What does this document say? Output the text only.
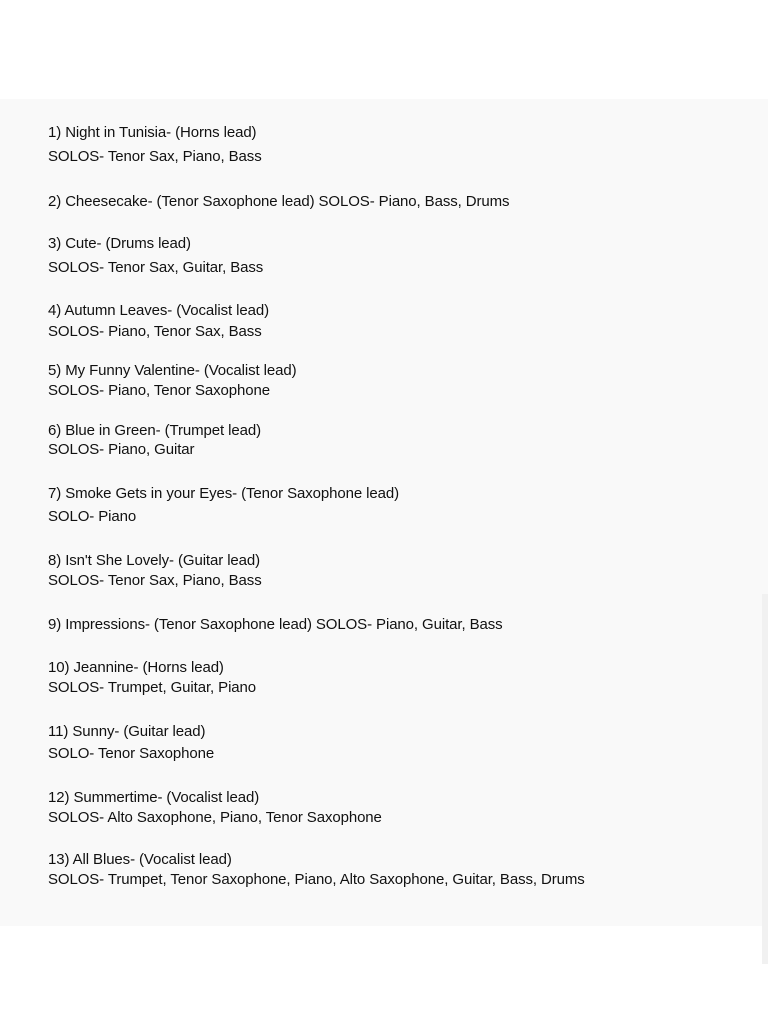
1) Night in Tunisia- (Horns lead)
SOLOS- Tenor Sax, Piano, Bass
2) Cheesecake- (Tenor Saxophone lead) SOLOS- Piano, Bass, Drums
3) Cute- (Drums lead)
SOLOS- Tenor Sax, Guitar, Bass
4) Autumn Leaves- (Vocalist lead)
SOLOS- Piano, Tenor Sax, Bass
5) My Funny Valentine- (Vocalist lead)
SOLOS- Piano, Tenor Saxophone
6) Blue in Green- (Trumpet lead)
SOLOS- Piano, Guitar
7) Smoke Gets in your Eyes- (Tenor Saxophone lead)
SOLO- Piano
8) Isn't She Lovely- (Guitar lead)
SOLOS- Tenor Sax, Piano, Bass
9) Impressions- (Tenor Saxophone lead) SOLOS- Piano, Guitar, Bass
10) Jeannine- (Horns lead)
SOLOS- Trumpet, Guitar, Piano
11) Sunny- (Guitar lead)
SOLO- Tenor Saxophone
12) Summertime- (Vocalist lead)
SOLOS- Alto Saxophone, Piano, Tenor Saxophone
13) All Blues- (Vocalist lead)
SOLOS- Trumpet, Tenor Saxophone, Piano, Alto Saxophone, Guitar, Bass, Drums
